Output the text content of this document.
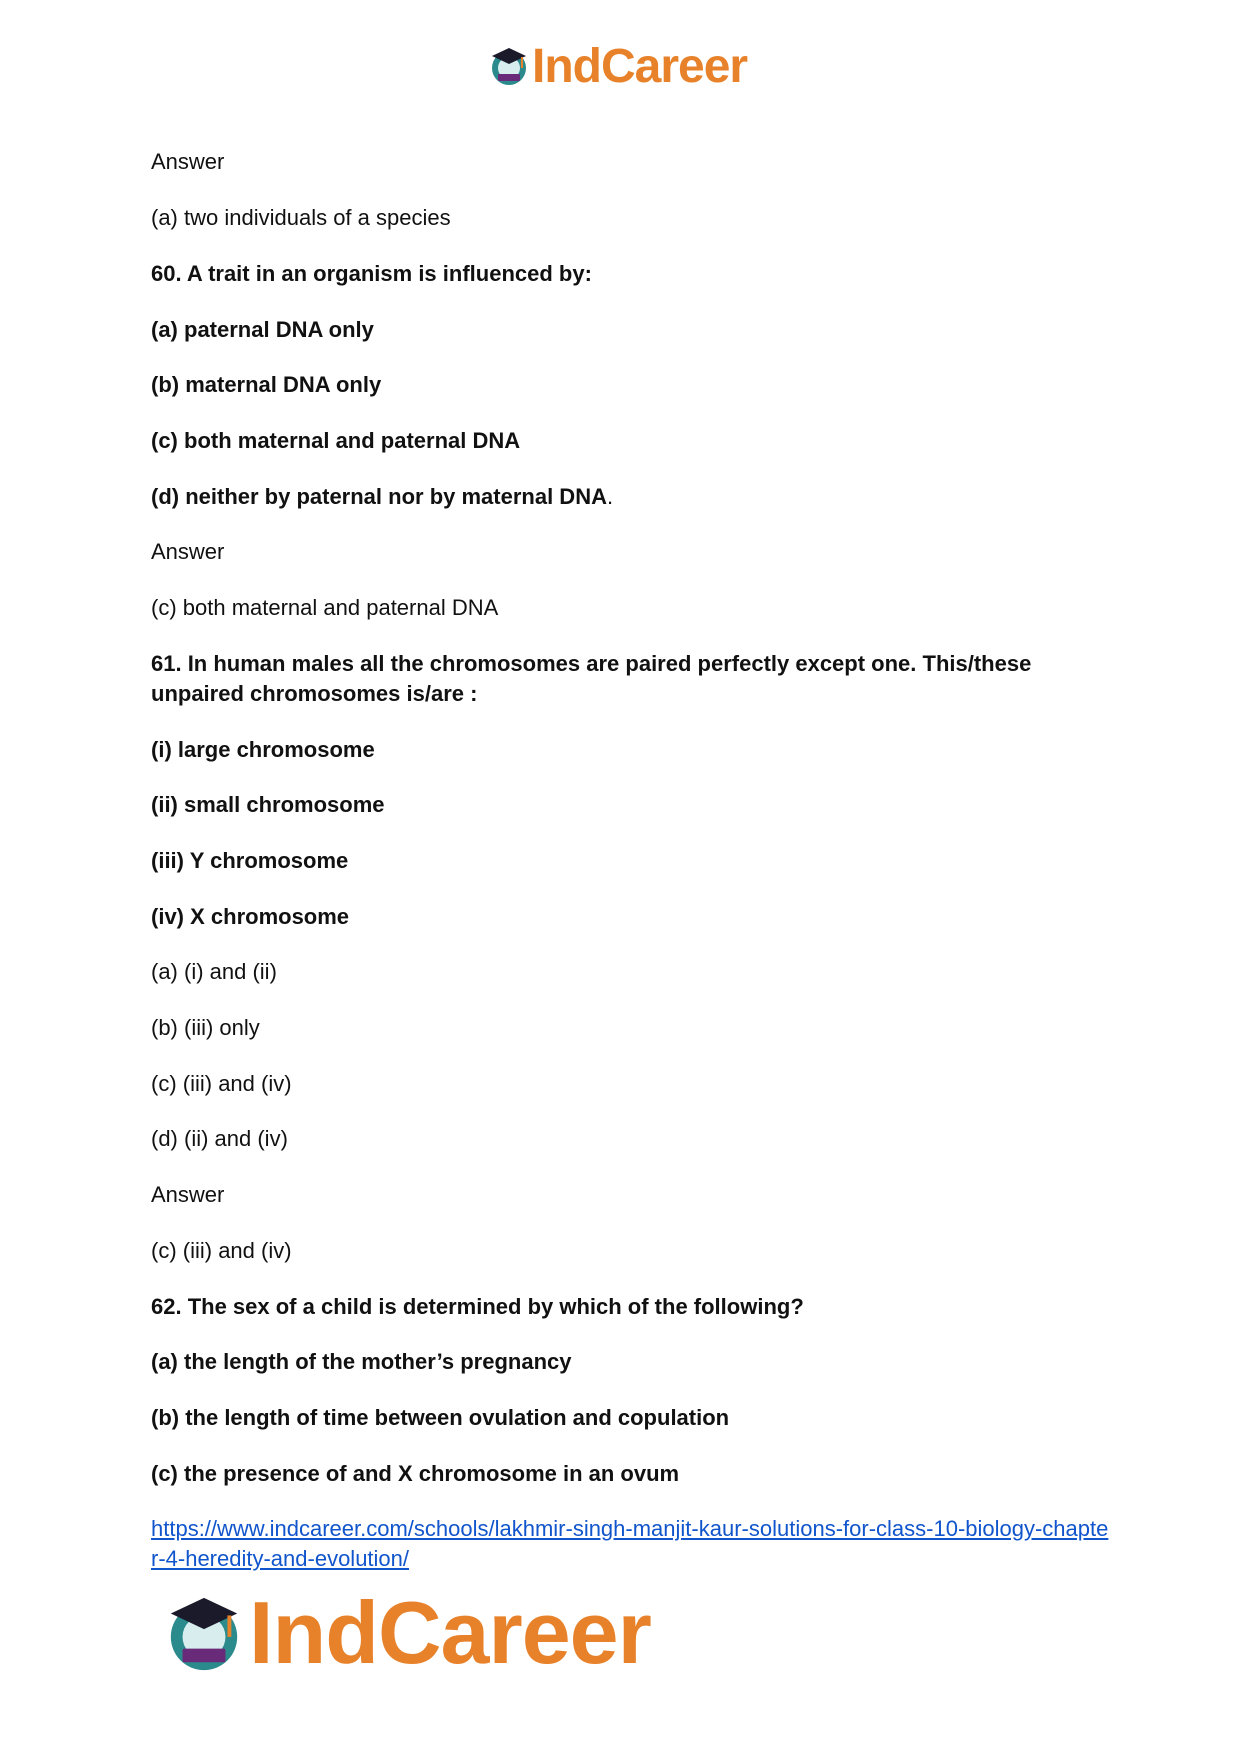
IndCareer
Answer
(a) two individuals of a species
60. A trait in an organism is influenced by:
(a) paternal DNA only
(b) maternal DNA only
(c) both maternal and paternal DNA
(d) neither by paternal nor by maternal DNA.
Answer
(c) both maternal and paternal DNA
61. In human males all the chromosomes are paired perfectly except one. This/these
unpaired chromosomes is/are :
(i) large chromosome
(ii) small chromosome
(iii) Y chromosome
(iv) X chromosome
(a) (i) and (ii)
(b) (iii) only
(c) (iii) and (iv)
(d) (ii) and (iv)
Answer
(c) (iii) and (iv)
62. The sex of a child is determined by which of the following?
(a) the length of the mother’s pregnancy
(b) the length of time between ovulation and copulation
(c) the presence of and X chromosome in an ovum
https://www.indcareer.com/schools/lakhmir-singh-manjit-kaur-solutions-for-class-10-biology-chapter-4-heredity-and-evolution/
IndCareer
